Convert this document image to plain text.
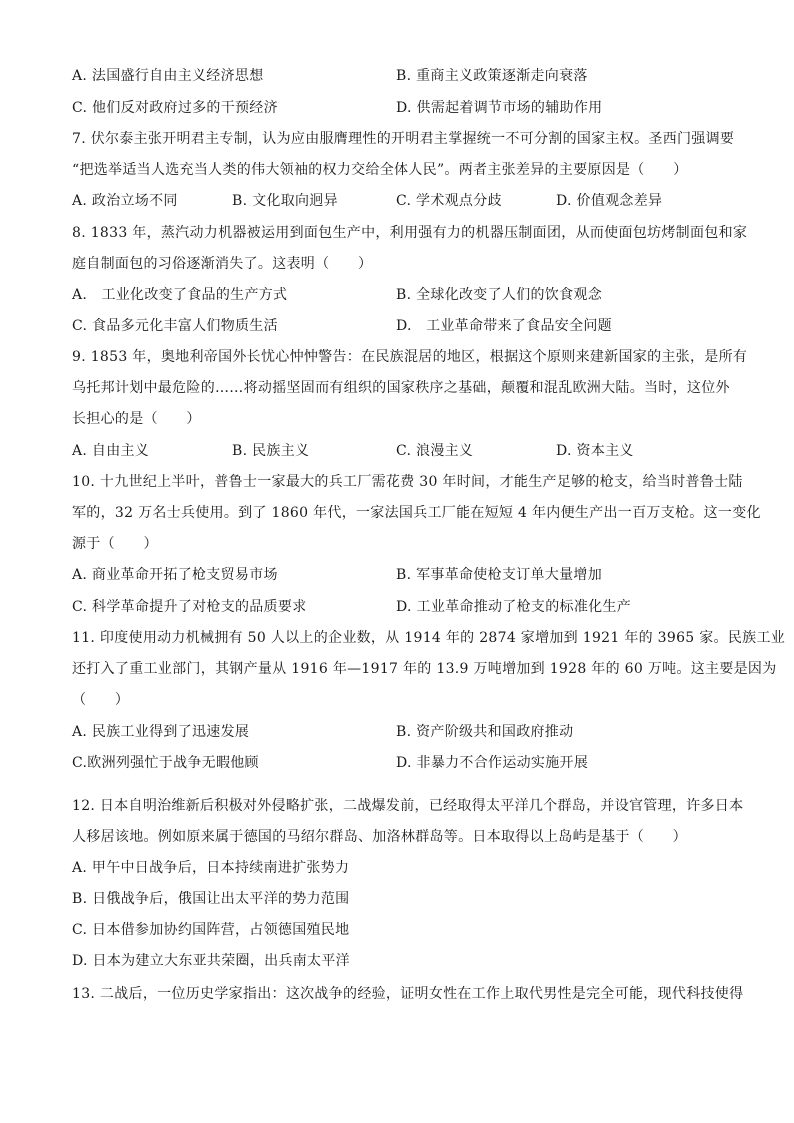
A. 法国盛行自由主义经济思想	B. 重商主义政策逐渐走向衰落
C. 他们反对政府过多的干预经济	D. 供需起着调节市场的辅助作用
7. 伏尔泰主张开明君主专制，认为应由服膺理性的开明君主掌握统一不可分割的国家主权。圣西门强调要
“把选举适当人选充当人类的伟大领袖的权力交给全体人民”。两者主张差异的主要原因是（　　）
A. 政治立场不同	B. 文化取向迥异	C. 学术观点分歧	D. 价值观念差异
8. 1833 年，蒸汽动力机器被运用到面包生产中，利用强有力的机器压制面团，从而使面包坊烤制面包和家
庭自制面包的习俗逐渐消失了。这表明（　　）
A.　工业化改变了食品的生产方式	B. 全球化改变了人们的饮食观念
C. 食品多元化丰富人们物质生活	D.　工业革命带来了食品安全问题
9. 1853 年，奥地利帝国外长忧心忡忡警告：在民族混居的地区，根据这个原则来建新国家的主张，是所有
乌托邦计划中最危险的……将动摇坚固而有组织的国家秩序之基础，颠覆和混乱欧洲大陆。当时，这位外
长担心的是（　　）
A. 自由主义	B. 民族主义	C. 浪漫主义	D. 资本主义
10. 十九世纪上半叶，普鲁士一家最大的兵工厂需花费 30 年时间，才能生产足够的枪支，给当时普鲁士陆
军的，32 万名士兵使用。到了 1860 年代，一家法国兵工厂能在短短 4 年内便生产出一百万支枪。这一变化
源于（　　）
A. 商业革命开拓了枪支贸易市场	B. 军事革命使枪支订单大量增加
C. 科学革命提升了对枪支的品质要求	D. 工业革命推动了枪支的标准化生产
11. 印度使用动力机械拥有 50 人以上的企业数，从 1914 年的 2874 家增加到 1921 年的 3965 家。民族工业
还打入了重工业部门，其钢产量从 1916 年—1917 年的 13.9 万吨增加到 1928 年的 60 万吨。这主要是因为
（　　）
A. 民族工业得到了迅速发展	B. 资产阶级共和国政府推动
C.欧洲列强忙于战争无暇他顾	D. 非暴力不合作运动实施开展
12. 日本自明治维新后积极对外侵略扩张，二战爆发前，已经取得太平洋几个群岛，并设官管理，许多日本
人移居该地。例如原来属于德国的马绍尔群岛、加洛林群岛等。日本取得以上岛屿是基于（　　）
A. 甲午中日战争后，日本持续南进扩张势力
B. 日俄战争后，俄国让出太平洋的势力范围
C. 日本借参加协约国阵营，占领德国殖民地
D. 日本为建立大东亚共荣圈，出兵南太平洋
13. 二战后，一位历史学家指出：这次战争的经验，证明女性在工作上取代男性是完全可能，现代科技使得
